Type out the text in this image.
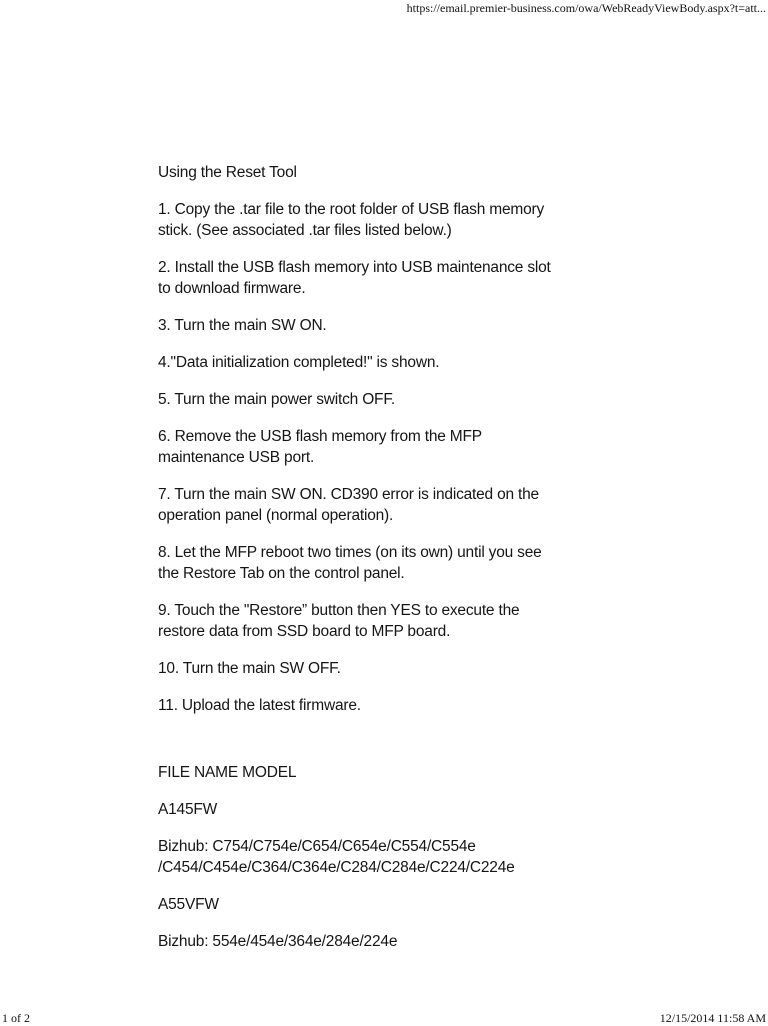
https://email.premier-business.com/owa/WebReadyViewBody.aspx?t=att...

Using the Reset Tool

1. Copy the .tar file to the root folder of USB flash memory
stick. (See associated .tar files listed below.)

2. Install the USB flash memory into USB maintenance slot
to download firmware.

3. Turn the main SW ON.

4."Data initialization completed!" is shown.

5. Turn the main power switch OFF.

6. Remove the USB flash memory from the MFP
maintenance USB port.

7. Turn the main SW ON. CD390 error is indicated on the
operation panel (normal operation).

8. Let the MFP reboot two times (on its own) until you see
the Restore Tab on the control panel.

9. Touch the "Restore” button then YES to execute the
restore data from SSD board to MFP board.

10. Turn the main SW OFF.

11. Upload the latest firmware.

FILE NAME MODEL

A145FW

Bizhub: C754/C754e/C654/C654e/C554/C554e
/C454/C454e/C364/C364e/C284/C284e/C224/C224e

A55VFW

Bizhub: 554e/454e/364e/284e/224e

1 of 2	12/15/2014 11:58 AM
